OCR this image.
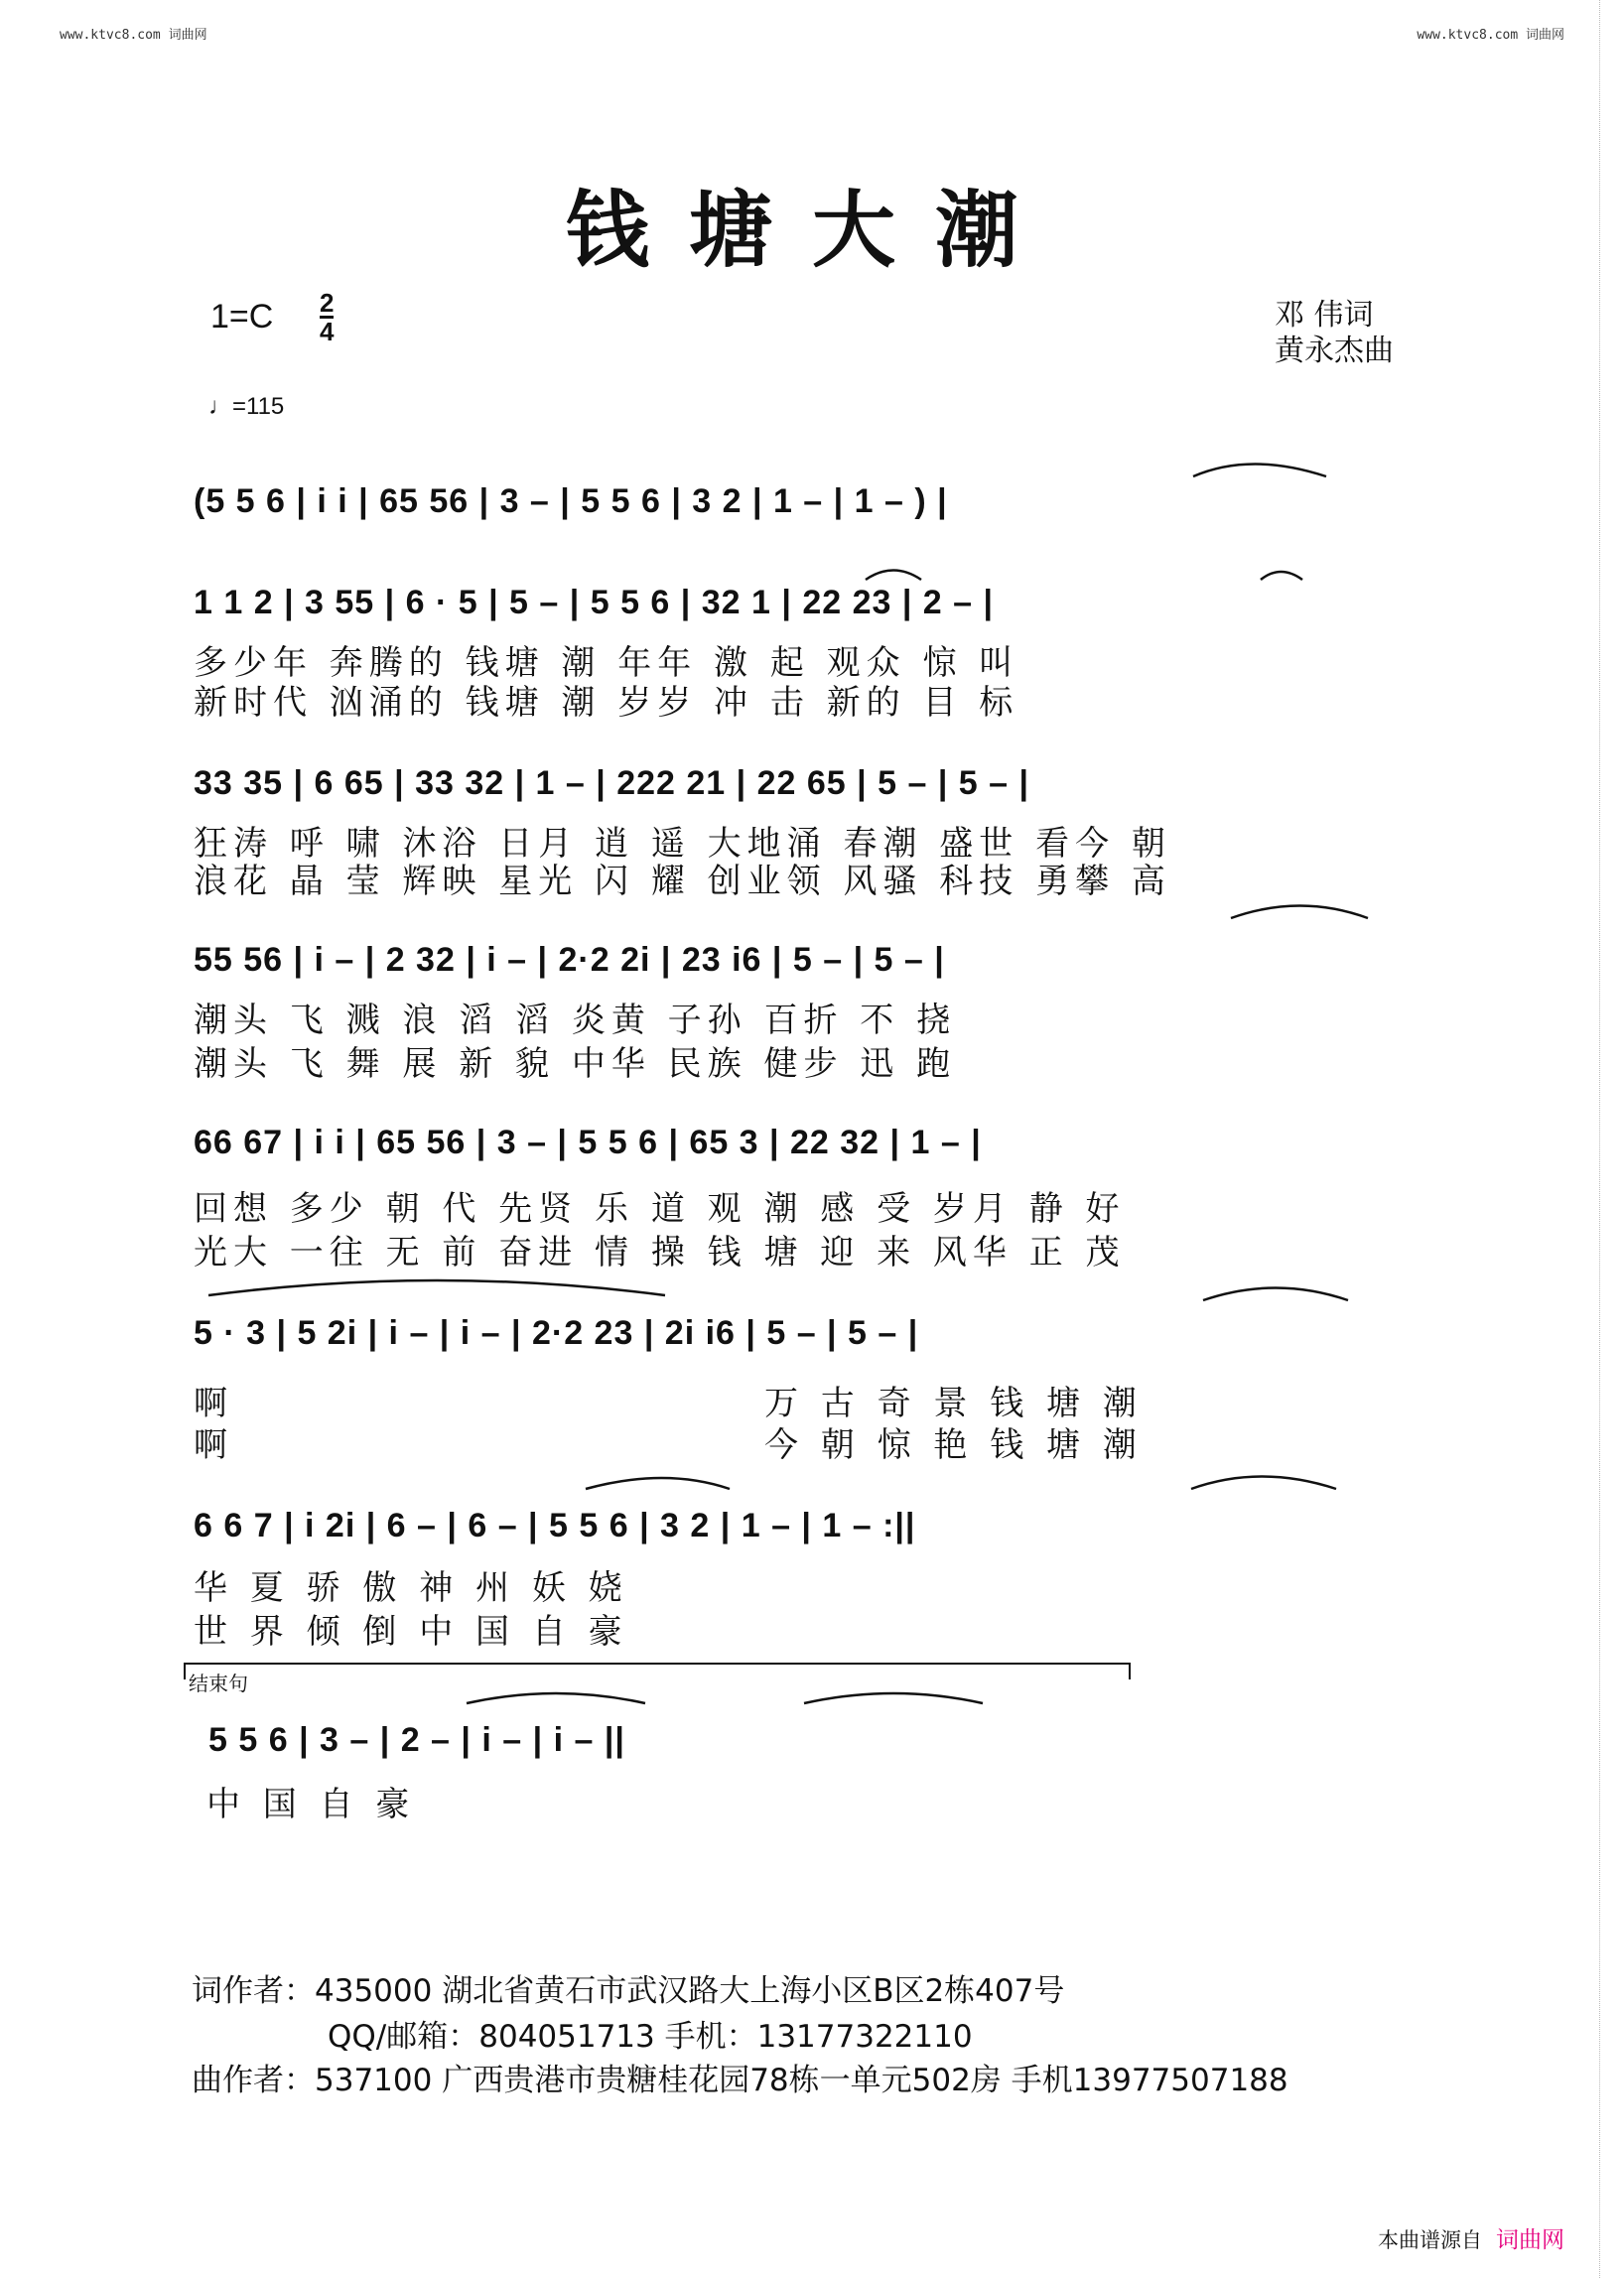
www.ktvc8.com 词曲网	www.ktvc8.com 词曲网
钱塘大潮
$1=C \frac{2}{4}$	邓 伟词
黄永杰曲
♩=115
(5 5 6 | i i | 65 56 | 3 – | 5 5 6 | 3 2 | 1 – | 1 – ) |
1 1 2 | 3 55 | 6 · 5 | 5 – | 5 5 6 | 32 1 | 22 23 | 2 – |
多少年 奔腾的 钱塘 潮 年年 激 起 观众 惊 叫
新时代 汹涌的 钱塘 潮 岁岁 冲 击 新的 目 标
33 35 | 6 65 | 33 32 | 1 – | 222 21 | 22 65 | 5 – | 5 – |
狂涛 呼 啸 沐浴 日月 逍 遥 大地涌 春潮 盛世 看今 朝
浪花 晶 莹 辉映 星光 闪 耀 创业领 风骚 科技 勇攀 高
55 56 | i – | 2 32 | i – | 2·2 2i | 23 i6 | 5 – | 5 – |
潮头 飞 溅 浪 滔 滔 炎黄 子孙 百折 不 挠
潮头 飞 舞 展 新 貌 中华 民族 健步 迅 跑
66 67 | i i | 65 56 | 3 – | 5 5 6 | 65 3 | 22 32 | 1 – |
回想 多少 朝 代 先贤 乐 道 观 潮 感 受 岁月 静 好
光大 一往 无 前 奋进 情 操 钱 塘 迎 来 风华 正 茂
5 · 3 | 5 2i | i – | i – | 2·2 23 | 2i i6 | 5 – | 5 – |
啊	万 古 奇 景 钱 塘 潮
啊	今 朝 惊 艳 钱 塘 潮
6 6 7 | i 2i | 6 – | 6 – | 5 5 6 | 3 2 | 1 – | 1 – :||
华 夏 骄 傲 神 州 妖 娆
世 界 倾 倒 中 国 自 豪
结束句
5 5 6 | 3 – | 2 – | i – | i – ||
中 国 自 豪
词作者：435000 湖北省黄石市武汉路大上海小区B区2栋407号
QQ/邮箱：804051713 手机：13177322110
曲作者：537100 广西贵港市贵糖桂花园78栋一单元502房 手机13977507188
本曲谱源自 词曲网
